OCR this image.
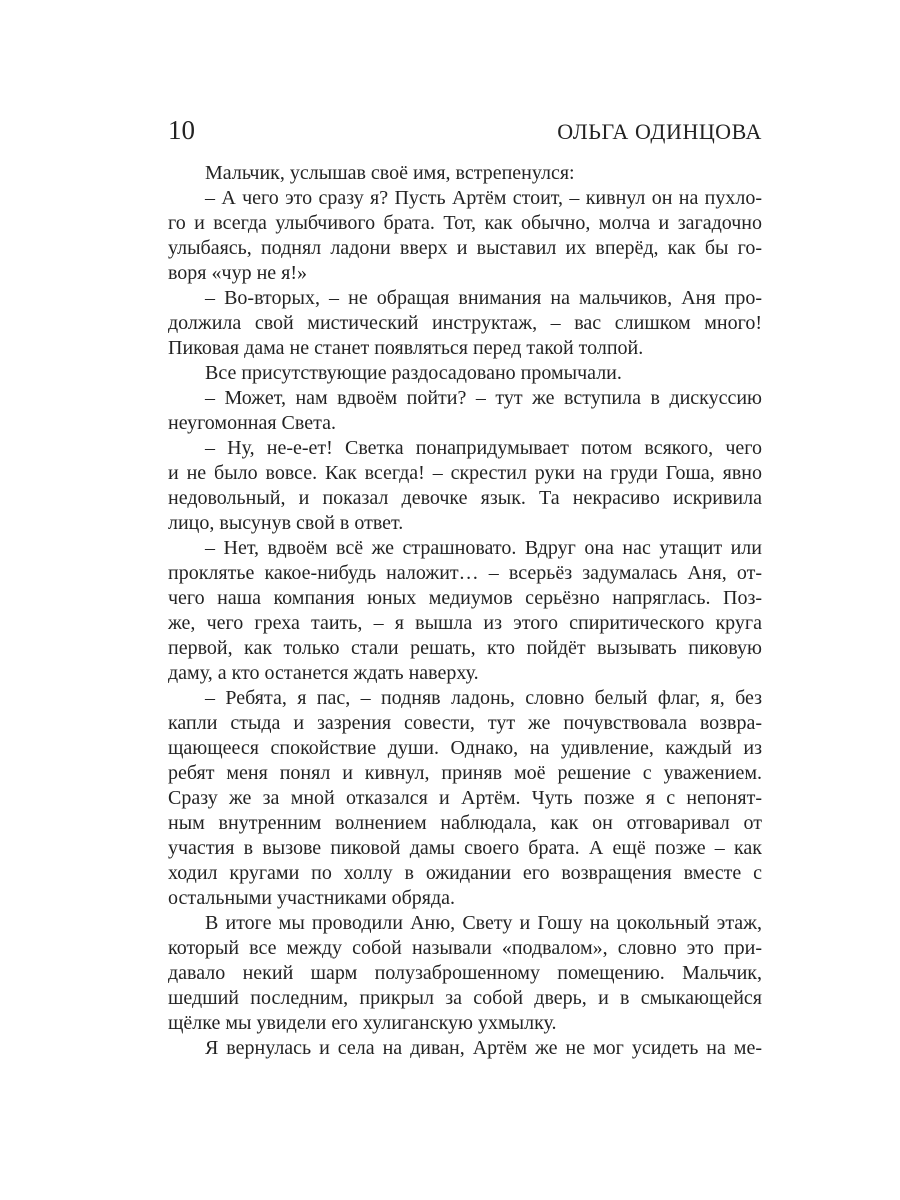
10	ОЛЬГА ОДИНЦОВА

Мальчик, услышав своё имя, встрепенулся:

– А чего это сразу я? Пусть Артём стоит, – кивнул он на пухло-
го и всегда улыбчивого брата. Тот, как обычно, молча и загадочно
улыбаясь, поднял ладони вверх и выставил их вперёд, как бы го-
воря «чур не я!»

– Во-вторых, – не обращая внимания на мальчиков, Аня про-
должила свой мистический инструктаж, – вас слишком много!
Пиковая дама не станет появляться перед такой толпой.

Все присутствующие раздосадовано промычали.

– Может, нам вдвоём пойти? – тут же вступила в дискуссию
неугомонная Света.

– Ну, не-е-ет! Светка понапридумывает потом всякого, чего
и не было вовсе. Как всегда! – скрестил руки на груди Гоша, явно
недовольный, и показал девочке язык. Та некрасиво искривила
лицо, высунув свой в ответ.

– Нет, вдвоём всё же страшновато. Вдруг она нас утащит или
проклятье какое-нибудь наложит… – всерьёз задумалась Аня, от-
чего наша компания юных медиумов серьёзно напряглась. Поз-
же, чего греха таить, – я вышла из этого спиритического круга
первой, как только стали решать, кто пойдёт вызывать пиковую
даму, а кто останется ждать наверху.

– Ребята, я пас, – подняв ладонь, словно белый флаг, я, без
капли стыда и зазрения совести, тут же почувствовала возвра-
щающееся спокойствие души. Однако, на удивление, каждый из
ребят меня понял и кивнул, приняв моё решение с уважением.
Сразу же за мной отказался и Артём. Чуть позже я с непонят-
ным внутренним волнением наблюдала, как он отговаривал от
участия в вызове пиковой дамы своего брата. А ещё позже – как
ходил кругами по холлу в ожидании его возвращения вместе с
остальными участниками обряда.

В итоге мы проводили Аню, Свету и Гошу на цокольный этаж,
который все между собой называли «подвалом», словно это при-
давало некий шарм полузаброшенному помещению. Мальчик,
шедший последним, прикрыл за собой дверь, и в смыкающейся
щёлке мы увидели его хулиганскую ухмылку.

Я вернулась и села на диван, Артём же не мог усидеть на ме-
